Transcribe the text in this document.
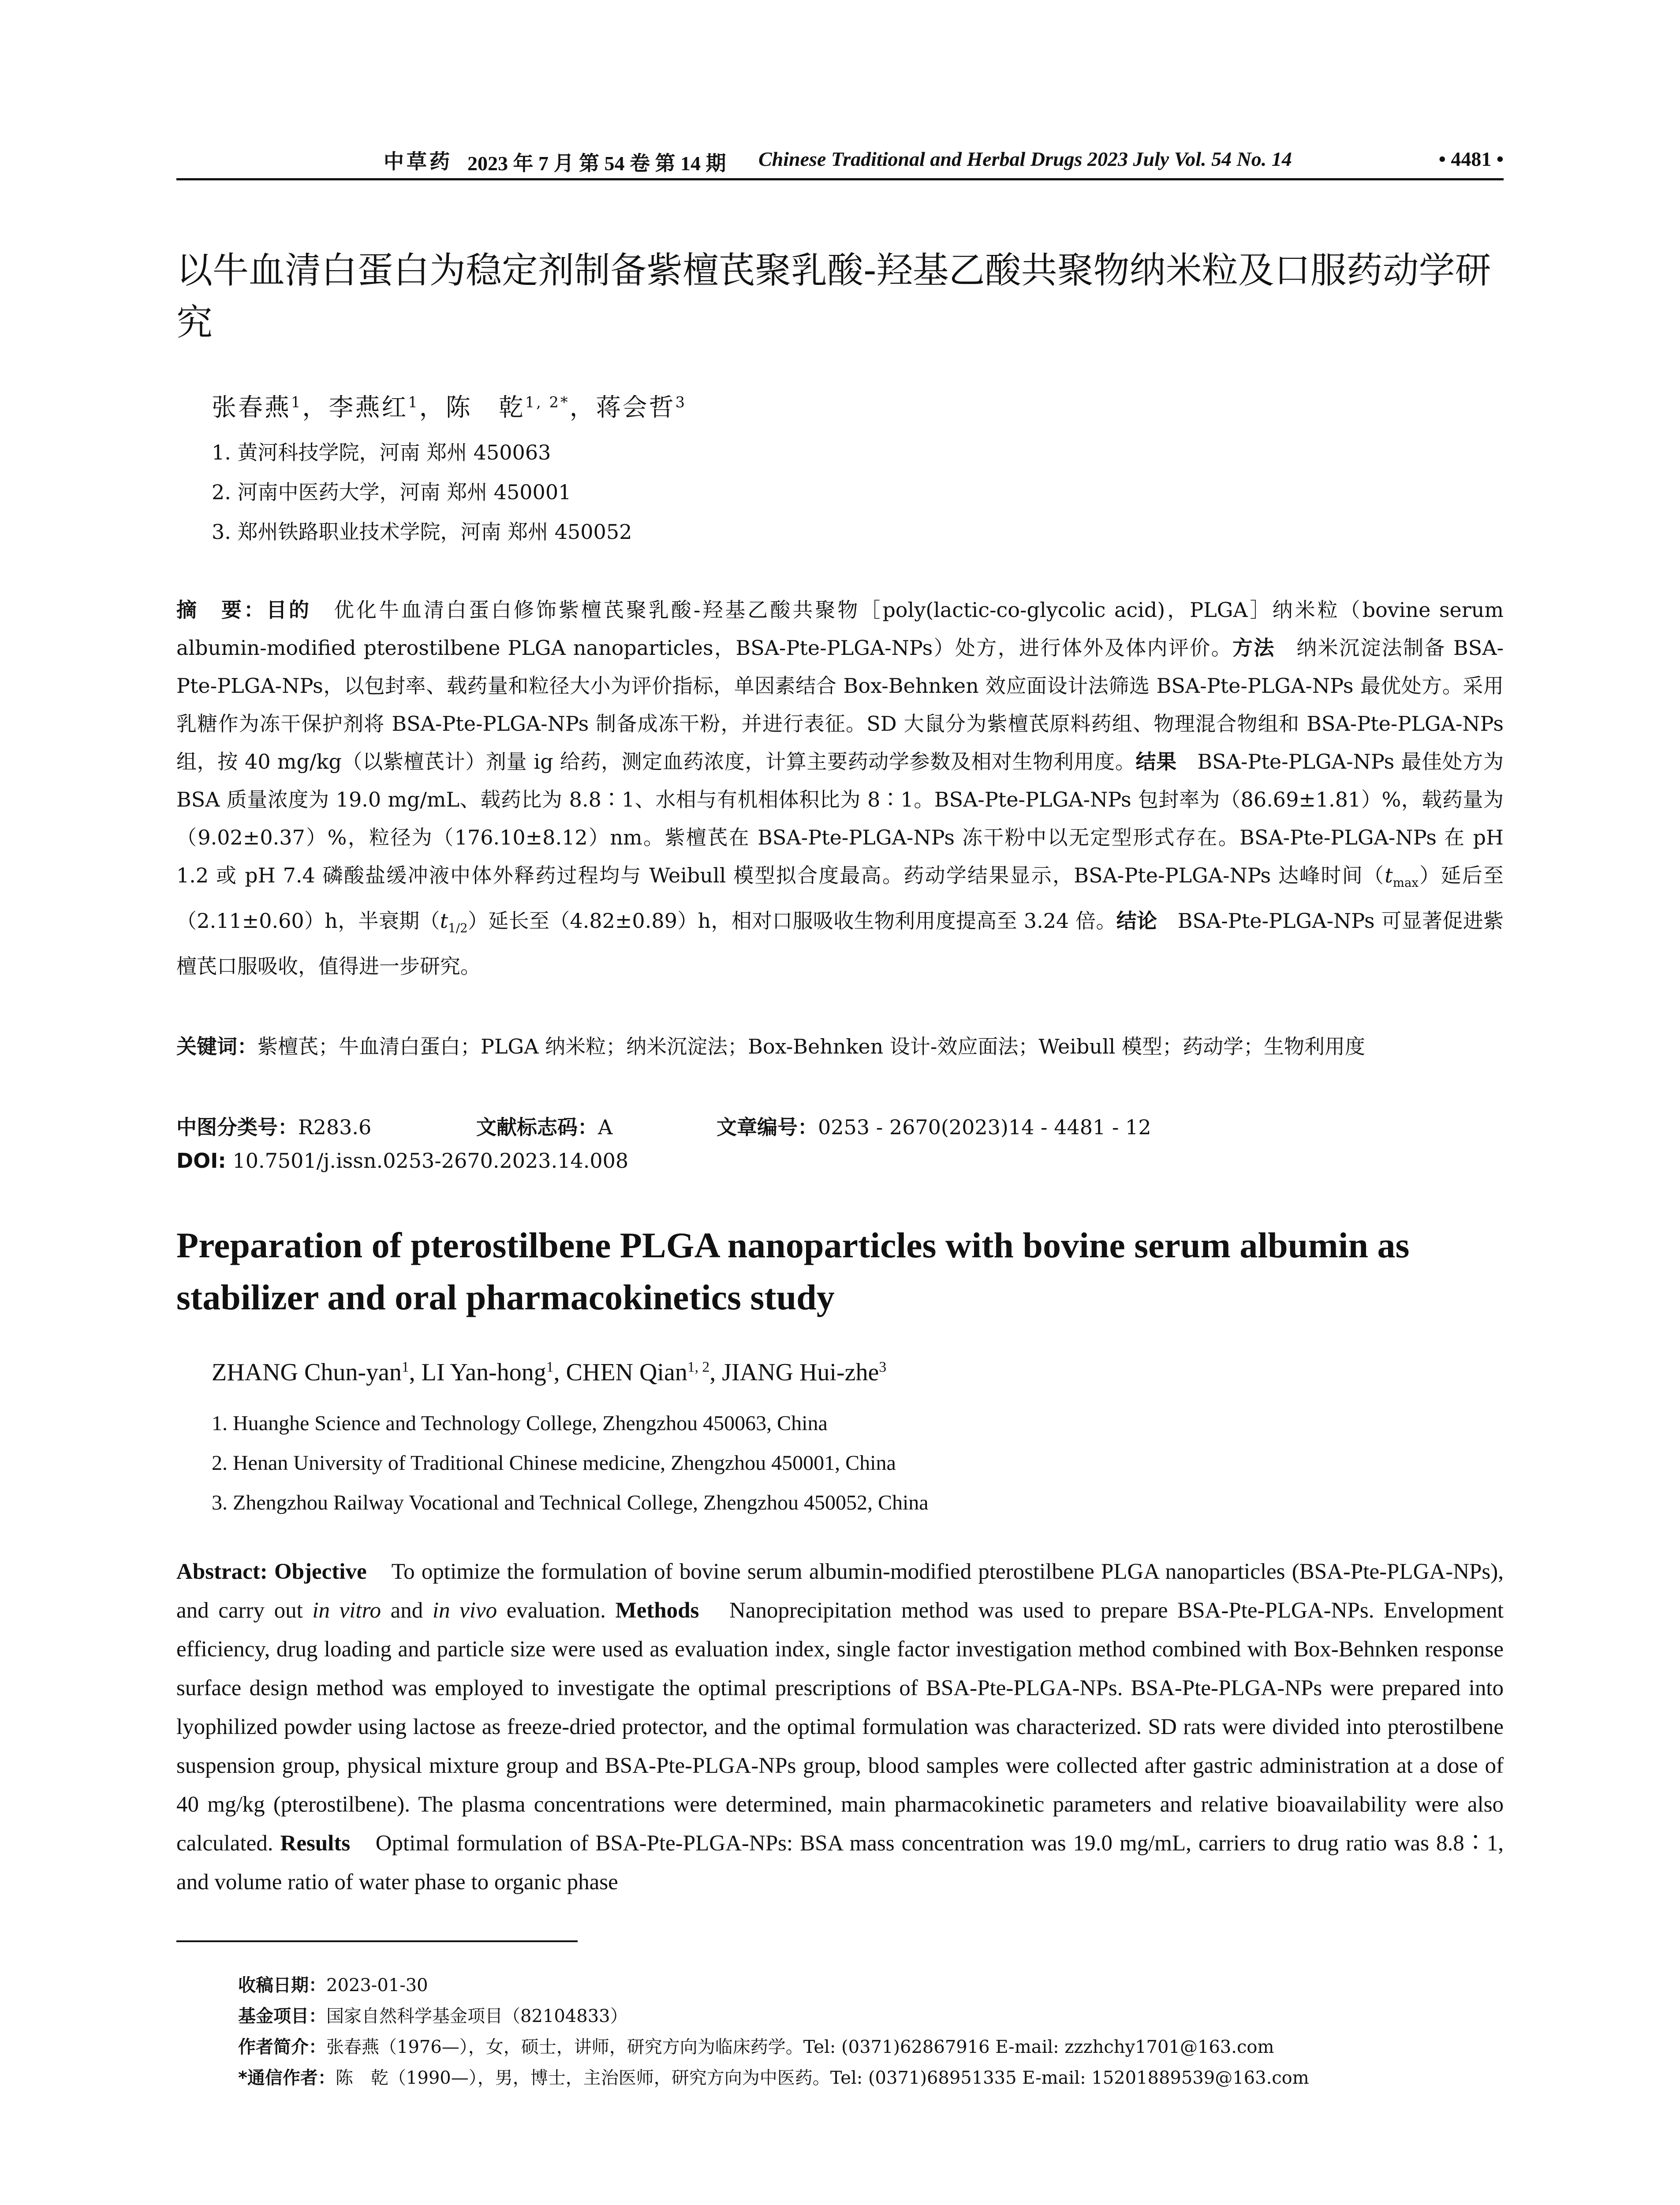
中草药 2023 年 7 月 第 54 卷 第 14 期 Chinese Traditional and Herbal Drugs 2023 July Vol. 54 No. 14	• 4481 •
以牛血清白蛋白为稳定剂制备紫檀芪聚乳酸-羟基乙酸共聚物纳米粒及口服药动学研究
张春燕$^1$，李燕红$^1$，陈　乾$^{1, 2*}$，蒋会哲$^3$
1. 黄河科技学院，河南 郑州 450063
2. 河南中医药大学，河南 郑州 450001
3. 郑州铁路职业技术学院，河南 郑州 450052
摘　要：目的　优化牛血清白蛋白修饰紫檀芪聚乳酸-羟基乙酸共聚物［poly(lactic-co-glycolic acid)，PLGA］纳米粒（bovine serum albumin-modified pterostilbene PLGA nanoparticles，BSA-Pte-PLGA-NPs）处方，进行体外及体内评价。方法　纳米沉淀法制备 BSA-Pte-PLGA-NPs，以包封率、载药量和粒径大小为评价指标，单因素结合 Box-Behnken 效应面设计法筛选 BSA-Pte-PLGA-NPs 最优处方。采用乳糖作为冻干保护剂将 BSA-Pte-PLGA-NPs 制备成冻干粉，并进行表征。SD 大鼠分为紫檀芪原料药组、物理混合物组和 BSA-Pte-PLGA-NPs 组，按 40 mg/kg（以紫檀芪计）剂量 ig 给药，测定血药浓度，计算主要药动学参数及相对生物利用度。结果　BSA-Pte-PLGA-NPs 最佳处方为 BSA 质量浓度为 19.0 mg/mL、载药比为 8.8∶1、水相与有机相体积比为 8∶1。BSA-Pte-PLGA-NPs 包封率为（86.69±1.81）%，载药量为（9.02±0.37）%，粒径为（176.10±8.12）nm。紫檀芪在 BSA-Pte-PLGA-NPs 冻干粉中以无定型形式存在。BSA-Pte-PLGA-NPs 在 pH 1.2 或 pH 7.4 磷酸盐缓冲液中体外释药过程均与 Weibull 模型拟合度最高。药动学结果显示，BSA-Pte-PLGA-NPs 达峰时间$(t_{max})$延后至（2.11±0.60）h，半衰期$(t_{1/2})$延长至（4.82±0.89）h，相对口服吸收生物利用度提高至 3.24 倍。结论　BSA-Pte-PLGA-NPs 可显著促进紫檀芪口服吸收，值得进一步研究。
关键词：紫檀芪；牛血清白蛋白；PLGA 纳米粒；纳米沉淀法；Box-Behnken 设计-效应面法；Weibull 模型；药动学；生物利用度
中图分类号：R283.6	文献标志码：A	文章编号：0253 - 2670(2023)14 - 4481 - 12
DOI: 10.7501/j.issn.0253-2670.2023.14.008
Preparation of pterostilbene PLGA nanoparticles with bovine serum albumin as stabilizer and oral pharmacokinetics study
ZHANG Chun-yan$^1$, LI Yan-hong$^1$, CHEN Qian$^{1, 2}$, JIANG Hui-zhe$^3$
1. Huanghe Science and Technology College, Zhengzhou 450063, China
2. Henan University of Traditional Chinese medicine, Zhengzhou 450001, China
3. Zhengzhou Railway Vocational and Technical College, Zhengzhou 450052, China
Abstract: Objective　To optimize the formulation of bovine serum albumin-modified pterostilbene PLGA nanoparticles (BSA-Pte-PLGA-NPs), and carry out in vitro and in vivo evaluation. Methods　Nanoprecipitation method was used to prepare BSA-Pte-PLGA-NPs. Envelopment efficiency, drug loading and particle size were used as evaluation index, single factor investigation method combined with Box-Behnken response surface design method was employed to investigate the optimal prescriptions of BSA-Pte-PLGA-NPs. BSA-Pte-PLGA-NPs were prepared into lyophilized powder using lactose as freeze-dried protector, and the optimal formulation was characterized. SD rats were divided into pterostilbene suspension group, physical mixture group and BSA-Pte-PLGA-NPs group, blood samples were collected after gastric administration at a dose of 40 mg/kg (pterostilbene). The plasma concentrations were determined, main pharmacokinetic parameters and relative bioavailability were also calculated. Results　Optimal formulation of BSA-Pte-PLGA-NPs: BSA mass concentration was 19.0 mg/mL, carriers to drug ratio was 8.8∶1, and volume ratio of water phase to organic phase
收稿日期：2023-01-30
基金项目：国家自然科学基金项目（82104833）
作者简介：张春燕（1976—），女，硕士，讲师，研究方向为临床药学。Tel: (0371)62867916 E-mail: zzzhchy1701@163.com
*通信作者：陈　乾（1990—），男，博士，主治医师，研究方向为中医药。Tel: (0371)68951335 E-mail: 15201889539@163.com
